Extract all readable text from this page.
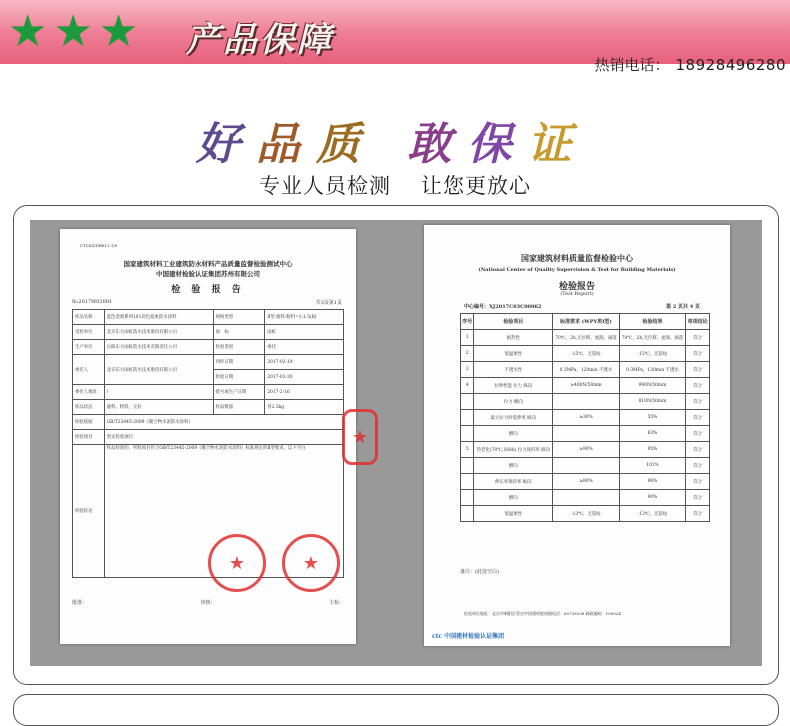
★ ★ ★ 产品保障
热销电话： 18928496280
好品质 敢保证
专业人员检测 让您更放心
CTCSZ/DR812-1/0
国家建筑材料工业建筑防水材料产品质量监督检验测试中心
中国建材检验认证集团苏州有限公司
检 验 报 告
№:2017W02081	共3页第1页
样品名称	蓝色金典系列101彩色超柔防水涂料	规格类型	Ⅱ型 液料:粉料=1:1.5(B)
受检单位	北京东方雨虹防水技术股份有限公司	商　标	雨虹
生产单位	岳阳东方雨虹防水技术有限责任公司	检验类别	委托
委托人	北京东方雨虹防水技术股份有限公司	到样日期	2017-02-19
		检验日期	2017-02-20
委托人地址	/	批号或生产日期	2017-2-16
样品状态	液料、粉料，完好	样品数量	各2.5kg
检验依据	GB/T23445-2009《聚合物水泥防水涂料》		
检验项目	型式检验项目		
检验结论	样品检验的，所检项目符合GB/T23445-2009《聚合物水泥防水涂料》标准规定的Ⅱ型要求，以下空白		
★	★
★
批准：	审核：	主检：
国家建筑材料质量监督检验中心
(National Center of Quality Supervision & Test for Building Materials)
检验报告
(Test Report)
中心编号：XJ2017C03C00062	第 2 页共 4 页
序号	检验项目	标准要求 (WPY类Ⅰ型)	检验结果	单项结论
1	耐热性	70℃，2h,无位移、流淌、滴落	70℃，2h,无位移、流淌、滴落	符合
2	低温柔性	-15℃，无裂纹	-15℃，无裂纹	符合
3	不透水性	0.3MPa，120min 不透水	0.3MPa，120min 不透水	符合
4	拉伸性能 拉力 纵向	≥400N/50mm	990N/50mm	符合
	拉力 横向		810N/50mm	符合
	最大拉力时延伸率 纵向	≥30%	55%	符合
	横向		63%	符合
5	热老化(70℃,168h) 拉力保持率 纵向	≥90%	95%	符合
	横向		101%	符合
	伸长率保持率 纵向	≥80%	96%	符合
	横向		90%	符合
	低温柔性	-13℃，无裂纹	-13℃，无裂纹	符合
备注：(此处空白)
检验单位地址：北京市朝阳区管庄中国建材院南楼电话：65728538 邮政编码：100024
ctc 中国建材检验认证集团
